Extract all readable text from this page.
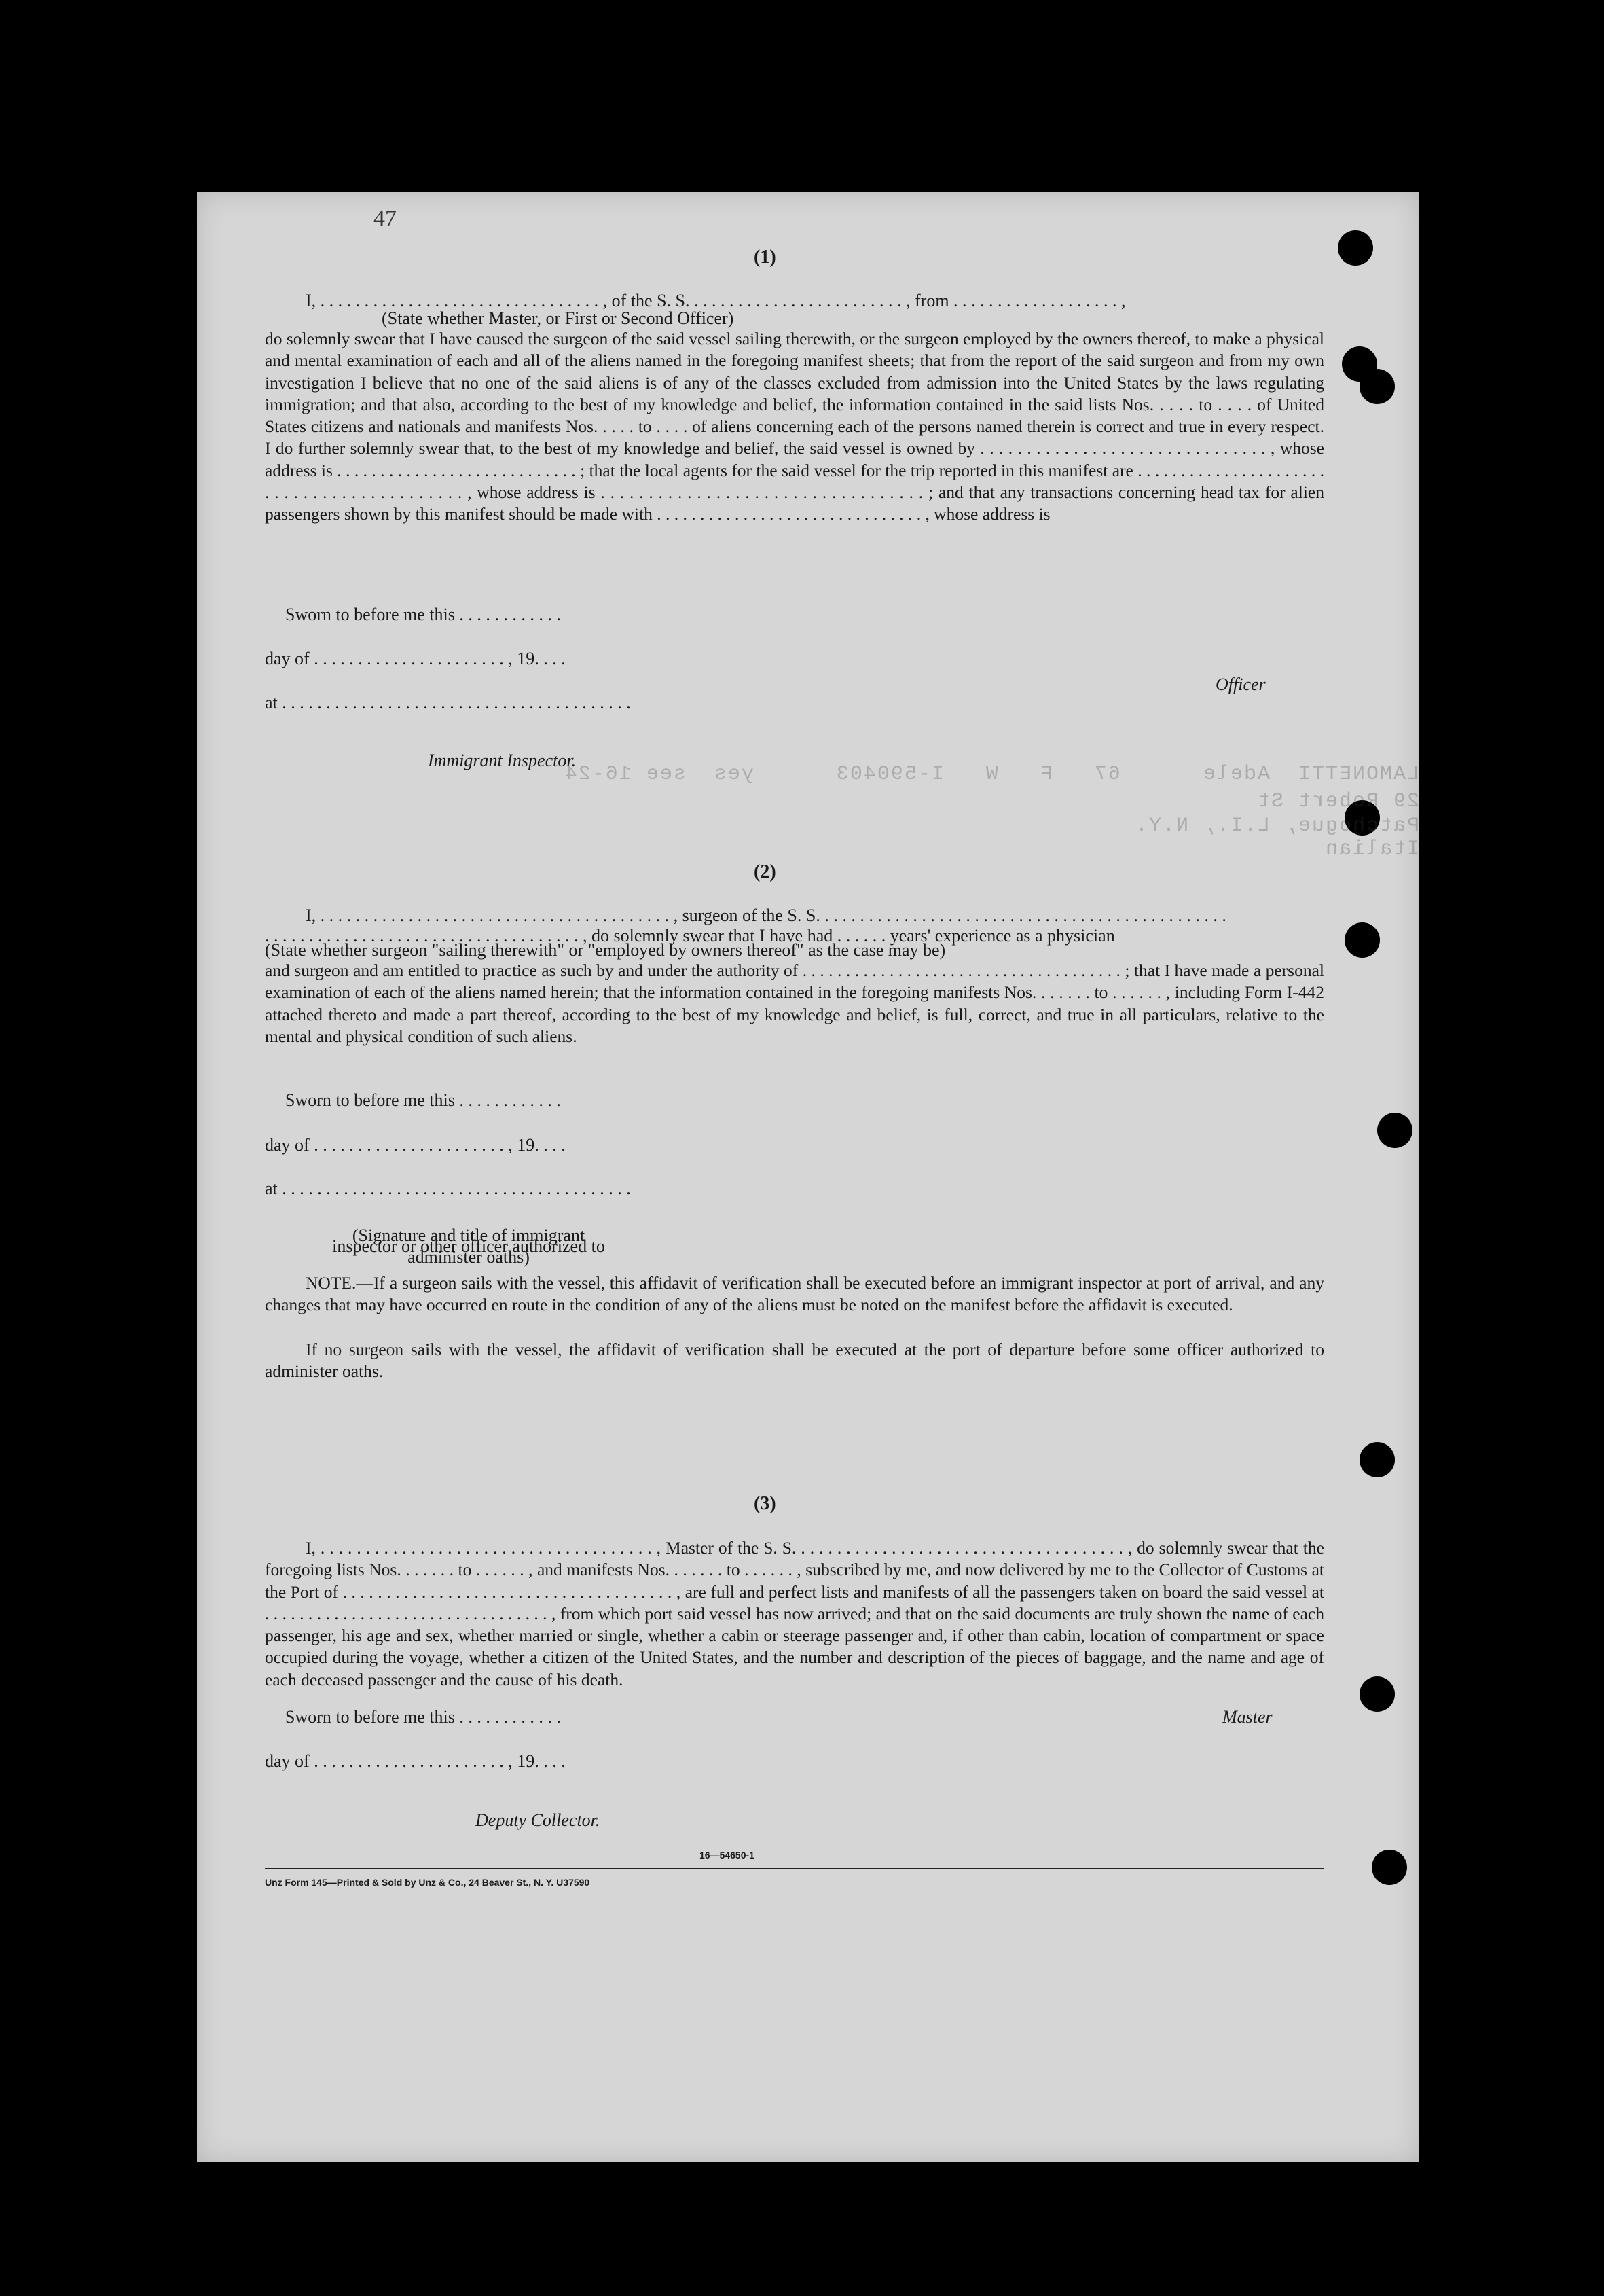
LAMONETTI  Adele      67   F   W   I-590403      yes  see 16-24
29 Robert St
Patchogue, L.I., N.Y.
Italian
47
(1)
I, . . . . . . . . . . . . . . . . . . . . . . . . . . . . . . . . , of the S. S. . . . . . . . . . . . . . . . . . . . . . . . . , from . . . . . . . . . . . . . . . . . . . ,
(State whether Master, or First or Second Officer)
do solemnly swear that I have caused the surgeon of the said vessel sailing therewith, or the surgeon employed by the owners thereof, to make a physical and mental examination of each and all of the aliens named in the foregoing manifest sheets; that from the report of the said surgeon and from my own investigation I believe that no one of the said aliens is of any of the classes excluded from admission into the United States by the laws regulating immigration; and that also, according to the best of my knowledge and belief, the information contained in the said lists Nos. . . . . to . . . . of United States citizens and nationals and manifests Nos. . . . . to . . . . of aliens concerning each of the persons named therein is correct and true in every respect. I do further solemnly swear that, to the best of my knowledge and belief, the said vessel is owned by . . . . . . . . . . . . . . . . . . . . . . . . . . . . . . . , whose address is . . . . . . . . . . . . . . . . . . . . . . . . . . . . ; that the local agents for the said vessel for the trip reported in this manifest are . . . . . . . . . . . . . . . . . . . . . . . . . . . . . . . . . . . . . . . . . . . , whose address is . . . . . . . . . . . . . . . . . . . . . . . . . . . . . . . . . . ; and that any transactions concerning head tax for alien passengers shown by this manifest should be made with . . . . . . . . . . . . . . . . . . . . . . . . . . . . . . . , whose address is
Sworn to before me this . . . . . . . . . . . .
day of . . . . . . . . . . . . . . . . . . . . . . , 19. . . .
at . . . . . . . . . . . . . . . . . . . . . . . . . . . . . . . . . . . . . . . .
Officer
Immigrant Inspector.
(2)
I, . . . . . . . . . . . . . . . . . . . . . . . . . . . . . . . . . . . . . . . . , surgeon of the S. S. . . . . . . . . . . . . . . . . . . . . . . . . . . . . . . . . . . . . . . . . . . . . . .
. . . . . . . . . . . . . . . . . . . . . . . . . . . . . . . . . . . . , do solemnly swear that I have had . . . . . . years' experience as a physician
(State whether surgeon "sailing therewith" or "employed by owners thereof" as the case may be)
and surgeon and am entitled to practice as such by and under the authority of . . . . . . . . . . . . . . . . . . . . . . . . . . . . . . . . . . . . . ; that I have made a personal examination of each of the aliens named herein; that the information contained in the foregoing manifests Nos. . . . . . . to . . . . . . , including Form I-442 attached thereto and made a part thereof, according to the best of my knowledge and belief, is full, correct, and true in all particulars, relative to the mental and physical condition of such aliens.
Sworn to before me this . . . . . . . . . . . .
day of . . . . . . . . . . . . . . . . . . . . . . , 19. . . .
at . . . . . . . . . . . . . . . . . . . . . . . . . . . . . . . . . . . . . . . .
(Signature and title of immigrant inspector or other officer authorized to administer oaths)
NOTE.—If a surgeon sails with the vessel, this affidavit of verification shall be executed before an immigrant inspector at port of arrival, and any changes that may have occurred en route in the condition of any of the aliens must be noted on the manifest before the affidavit is executed.
If no surgeon sails with the vessel, the affidavit of verification shall be executed at the port of departure before some officer authorized to administer oaths.
(3)
I, . . . . . . . . . . . . . . . . . . . . . . . . . . . . . . . . . . . . . , Master of the S. S. . . . . . . . . . . . . . . . . . . . . . . . . . . . . . . . . . . . . , do solemnly swear that the foregoing lists Nos. . . . . . . to . . . . . . , and manifests Nos. . . . . . . to . . . . . . , subscribed by me, and now delivered by me to the Collector of Customs at the Port of . . . . . . . . . . . . . . . . . . . . . . . . . . . . . . . . . . . . . . , are full and perfect lists and manifests of all the passengers taken on board the said vessel at . . . . . . . . . . . . . . . . . . . . . . . . . . . . . . . . . , from which port said vessel has now arrived; and that on the said documents are truly shown the name of each passenger, his age and sex, whether married or single, whether a cabin or steerage passenger and, if other than cabin, location of compartment or space occupied during the voyage, whether a citizen of the United States, and the number and description of the pieces of baggage, and the name and age of each deceased passenger and the cause of his death.
Sworn to before me this . . . . . . . . . . . .	Master
day of . . . . . . . . . . . . . . . . . . . . . . , 19. . . .
Deputy Collector.
16—54650-1
Unz Form 145—Printed & Sold by Unz & Co., 24 Beaver St., N. Y. U37590
